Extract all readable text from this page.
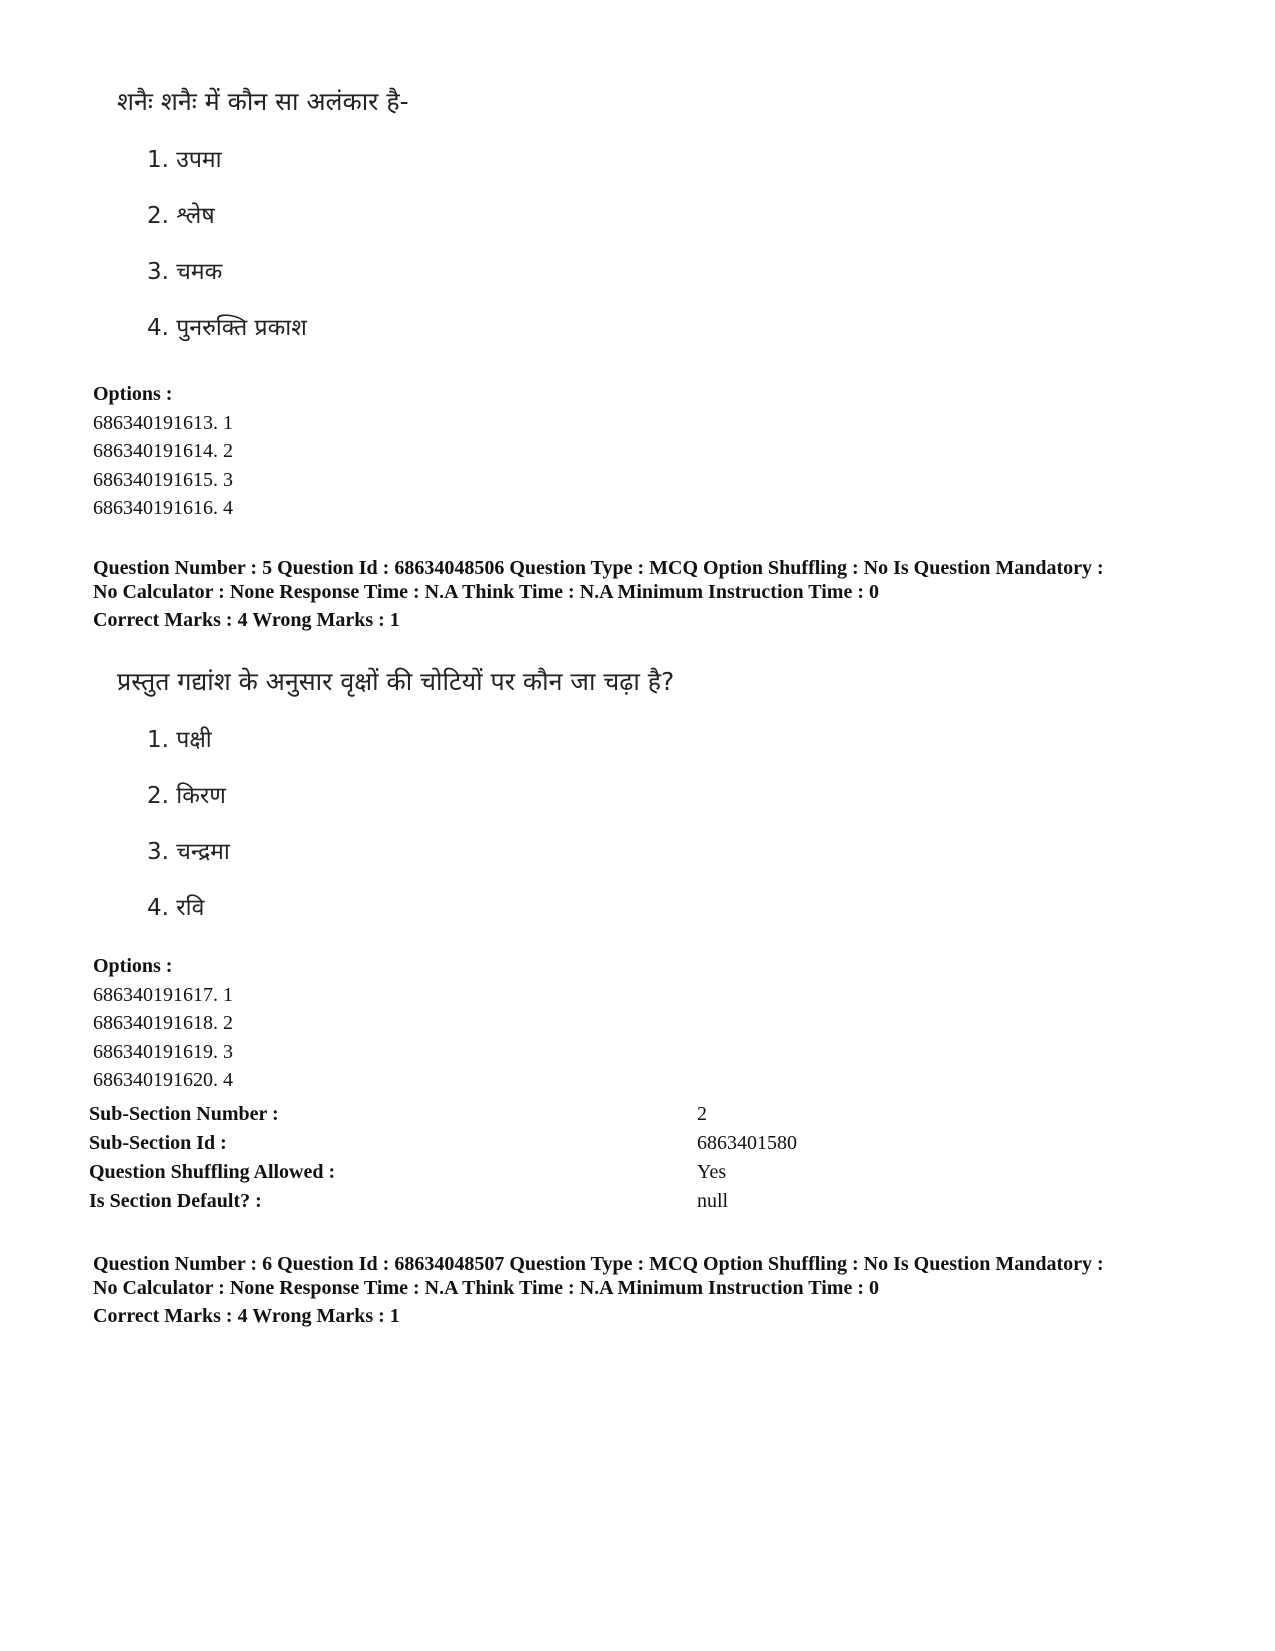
शनैः शनैः में कौन सा अलंकार है-
1. उपमा
2. श्लेष
3. चमक
4. पुनरुक्ति प्रकाश
Options :
686340191613. 1
686340191614. 2
686340191615. 3
686340191616. 4
Question Number : 5 Question Id : 68634048506 Question Type : MCQ Option Shuffling : No Is Question Mandatory :
No Calculator : None Response Time : N.A Think Time : N.A Minimum Instruction Time : 0
Correct Marks : 4 Wrong Marks : 1
प्रस्तुत गद्यांश के अनुसार वृक्षों की चोटियों पर कौन जा चढ़ा है?
1. पक्षी
2. किरण
3. चन्द्रमा
4. रवि
Options :
686340191617. 1
686340191618. 2
686340191619. 3
686340191620. 4
Sub-Section Number :	2
Sub-Section Id :	6863401580
Question Shuffling Allowed :	Yes
Is Section Default? :	null
Question Number : 6 Question Id : 68634048507 Question Type : MCQ Option Shuffling : No Is Question Mandatory :
No Calculator : None Response Time : N.A Think Time : N.A Minimum Instruction Time : 0
Correct Marks : 4 Wrong Marks : 1
